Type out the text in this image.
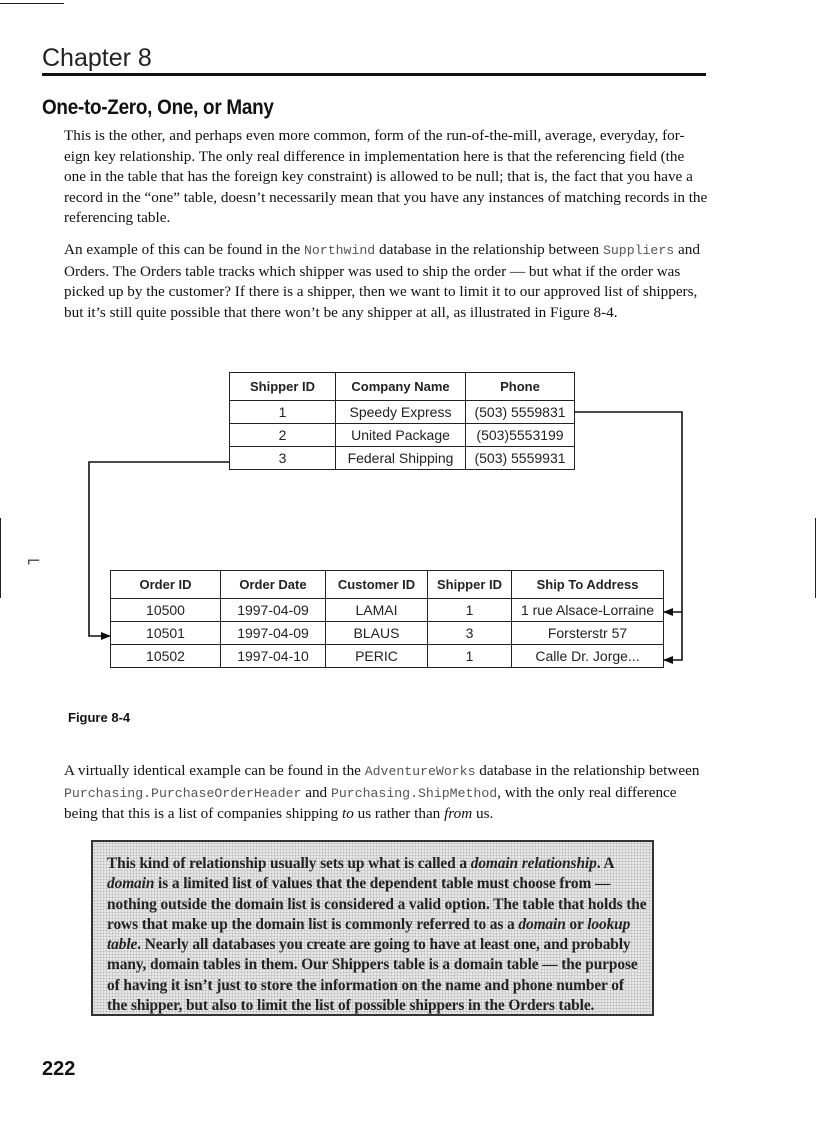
⌐
Chapter 8
One-to-Zero, One, or Many

This is the other, and perhaps even more common, form of the run-of-the-mill, average, everyday, for-eign key relationship. The only real difference in implementation here is that the referencing field (the one in the table that has the foreign key constraint) is allowed to be null; that is, the fact that you have a record in the “one” table, doesn’t necessarily mean that you have any instances of matching records in the referencing table.

An example of this can be found in the Northwind database in the relationship between Suppliers and Orders. The Orders table tracks which shipper was used to ship the order — but what if the order was picked up by the customer? If there is a shipper, then we want to limit it to our approved list of shippers, but it’s still quite possible that there won’t be any shipper at all, as illustrated in Figure 8-4.

Shipper ID	Company Name	Phone
1	Speedy Express	(503) 5559831
2	United Package	(503)5553199
3	Federal Shipping	(503) 5559931
Order ID	Order Date	Customer ID	Shipper ID	Ship To Address
10500	1997-04-09	LAMAI	1	1 rue Alsace-Lorraine
10501	1997-04-09	BLAUS	3	Forsterstr 57
10502	1997-04-10	PERIC	1	Calle Dr. Jorge...
Figure 8-4

A virtually identical example can be found in the AdventureWorks database in the relationship between Purchasing.PurchaseOrderHeader and Purchasing.ShipMethod, with the only real difference being that this is a list of companies shipping to us rather than from us.

This kind of relationship usually sets up what is called a domain relationship. A domain is a limited list of values that the dependent table must choose from — nothing outside the domain list is considered a valid option. The table that holds the rows that make up the domain list is commonly referred to as a domain or lookup table. Nearly all databases you create are going to have at least one, and probably many, domain tables in them. Our Shippers table is a domain table — the purpose of having it isn’t just to store the information on the name and phone number of the shipper, but also to limit the list of possible shippers in the Orders table.

222
